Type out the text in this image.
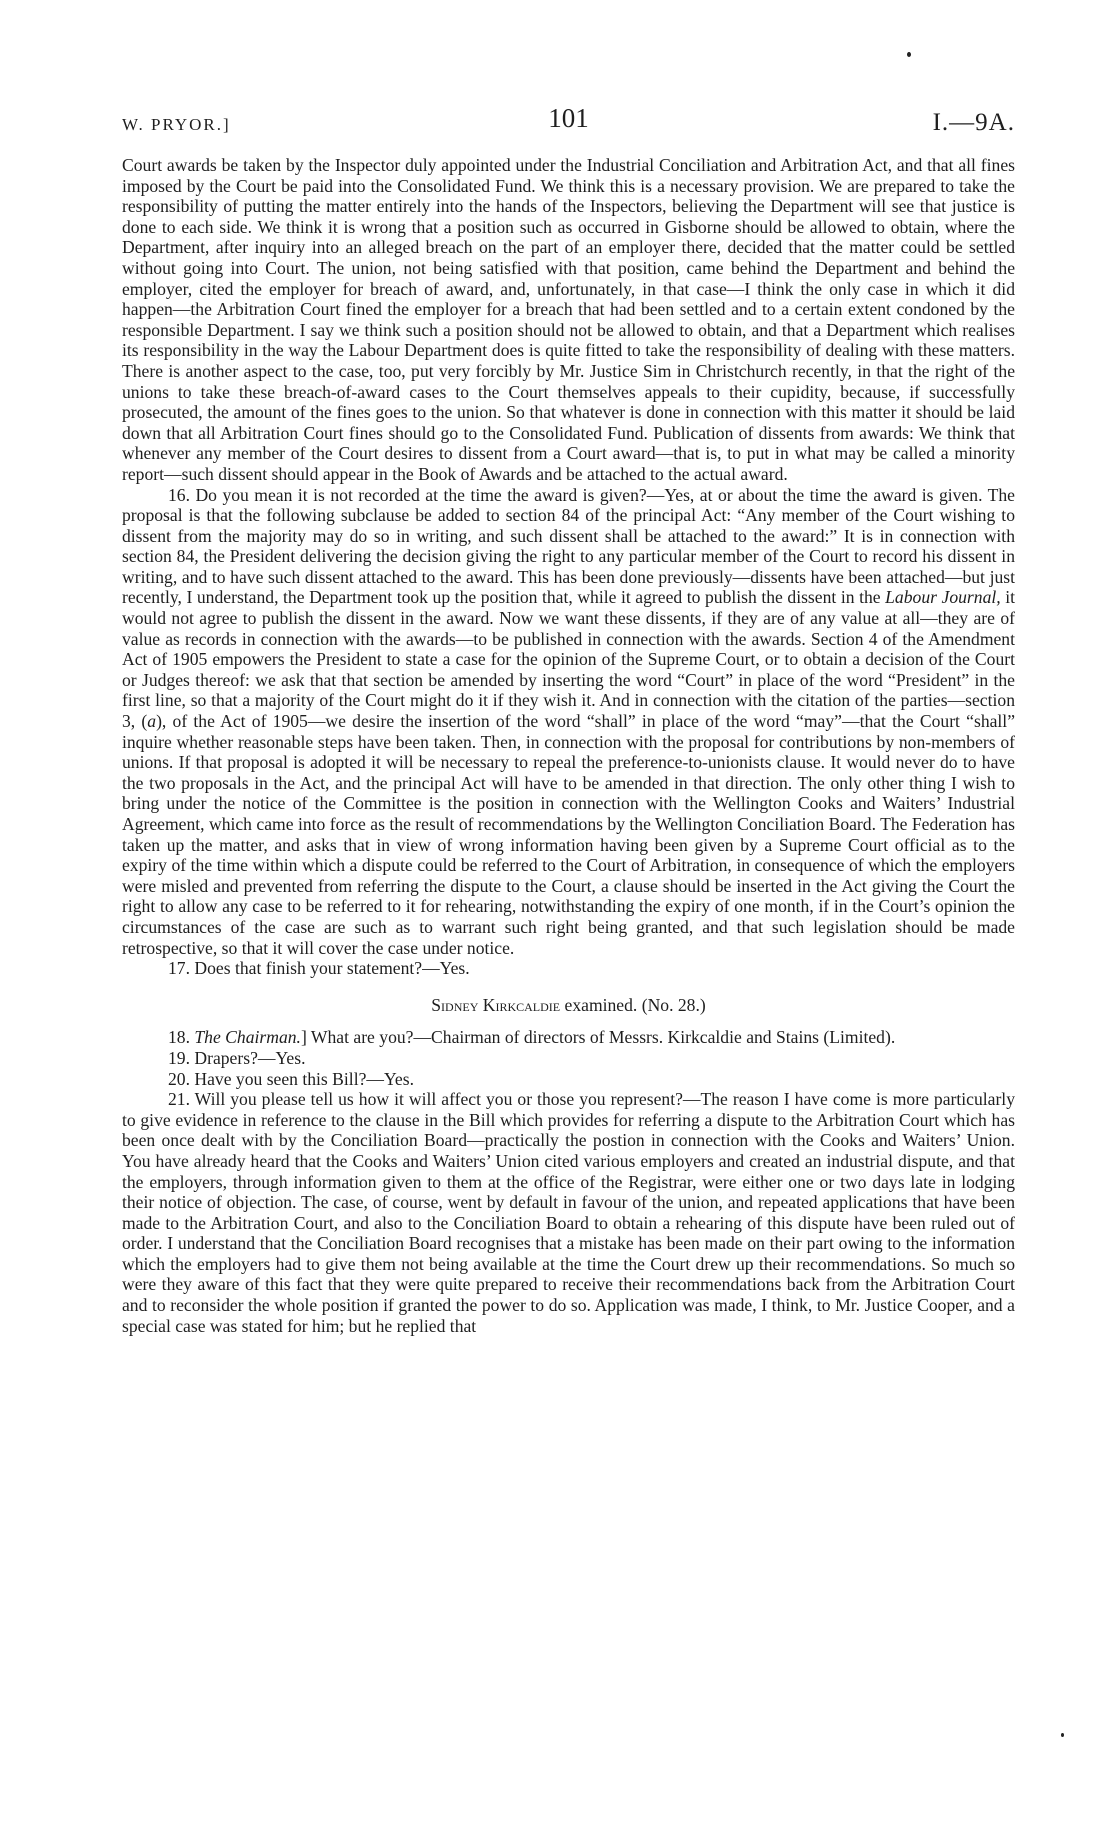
W. PRYOR.]	101	I.—9A.

Court awards be taken by the Inspector duly appointed under the Industrial Conciliation and Arbitration Act, and that all fines imposed by the Court be paid into the Consolidated Fund. We think this is a necessary provision. We are prepared to take the responsibility of putting the matter entirely into the hands of the Inspectors, believing the Department will see that justice is done to each side. We think it is wrong that a position such as occurred in Gisborne should be allowed to obtain, where the Department, after inquiry into an alleged breach on the part of an employer there, decided that the matter could be settled without going into Court. The union, not being satisfied with that position, came behind the Department and behind the employer, cited the employer for breach of award, and, unfortunately, in that case—I think the only case in which it did happen—the Arbitration Court fined the employer for a breach that had been settled and to a certain extent condoned by the responsible Department. I say we think such a position should not be allowed to obtain, and that a Department which realises its responsibility in the way the Labour Department does is quite fitted to take the responsibility of dealing with these matters. There is another aspect to the case, too, put very forcibly by Mr. Justice Sim in Christchurch recently, in that the right of the unions to take these breach-of-award cases to the Court themselves appeals to their cupidity, because, if successfully prosecuted, the amount of the fines goes to the union. So that whatever is done in connection with this matter it should be laid down that all Arbitration Court fines should go to the Consolidated Fund. Publication of dissents from awards: We think that whenever any member of the Court desires to dissent from a Court award—that is, to put in what may be called a minority report—such dissent should appear in the Book of Awards and be attached to the actual award.

16. Do you mean it is not recorded at the time the award is given?—Yes, at or about the time the award is given. The proposal is that the following subclause be added to section 84 of the principal Act: “Any member of the Court wishing to dissent from the majority may do so in writing, and such dissent shall be attached to the award:” It is in connection with section 84, the President delivering the decision giving the right to any particular member of the Court to record his dissent in writing, and to have such dissent attached to the award. This has been done previously—dissents have been attached—but just recently, I understand, the Department took up the position that, while it agreed to publish the dissent in the Labour Journal, it would not agree to publish the dissent in the award. Now we want these dissents, if they are of any value at all—they are of value as records in connection with the awards—to be published in connection with the awards. Section 4 of the Amendment Act of 1905 empowers the President to state a case for the opinion of the Supreme Court, or to obtain a decision of the Court or Judges thereof: we ask that that section be amended by inserting the word “Court” in place of the word “President” in the first line, so that a majority of the Court might do it if they wish it. And in connection with the citation of the parties—section 3, (a), of the Act of 1905—we desire the insertion of the word “shall” in place of the word “may”—that the Court “shall” inquire whether reasonable steps have been taken. Then, in connection with the proposal for contributions by non-members of unions. If that proposal is adopted it will be necessary to repeal the preference-to-unionists clause. It would never do to have the two proposals in the Act, and the principal Act will have to be amended in that direction. The only other thing I wish to bring under the notice of the Committee is the position in connection with the Wellington Cooks and Waiters’ Industrial Agreement, which came into force as the result of recommendations by the Wellington Conciliation Board. The Federation has taken up the matter, and asks that in view of wrong information having been given by a Supreme Court official as to the expiry of the time within which a dispute could be referred to the Court of Arbitration, in consequence of which the employers were misled and prevented from referring the dispute to the Court, a clause should be inserted in the Act giving the Court the right to allow any case to be referred to it for rehearing, notwithstanding the expiry of one month, if in the Court’s opinion the circumstances of the case are such as to warrant such right being granted, and that such legislation should be made retrospective, so that it will cover the case under notice.

17. Does that finish your statement?—Yes.

Sidney Kirkcaldie examined. (No. 28.)

18. The Chairman.] What are you?—Chairman of directors of Messrs. Kirkcaldie and Stains (Limited).

19. Drapers?—Yes.

20. Have you seen this Bill?—Yes.

21. Will you please tell us how it will affect you or those you represent?—The reason I have come is more particularly to give evidence in reference to the clause in the Bill which provides for referring a dispute to the Arbitration Court which has been once dealt with by the Conciliation Board—practically the postion in connection with the Cooks and Waiters’ Union. You have already heard that the Cooks and Waiters’ Union cited various employers and created an industrial dispute, and that the employers, through information given to them at the office of the Registrar, were either one or two days late in lodging their notice of objection. The case, of course, went by default in favour of the union, and repeated applications that have been made to the Arbitration Court, and also to the Conciliation Board to obtain a rehearing of this dispute have been ruled out of order. I understand that the Conciliation Board recognises that a mistake has been made on their part owing to the information which the employers had to give them not being available at the time the Court drew up their recommendations. So much so were they aware of this fact that they were quite prepared to receive their recommendations back from the Arbitration Court and to reconsider the whole position if granted the power to do so. Application was made, I think, to Mr. Justice Cooper, and a special case was stated for him; but he replied that
